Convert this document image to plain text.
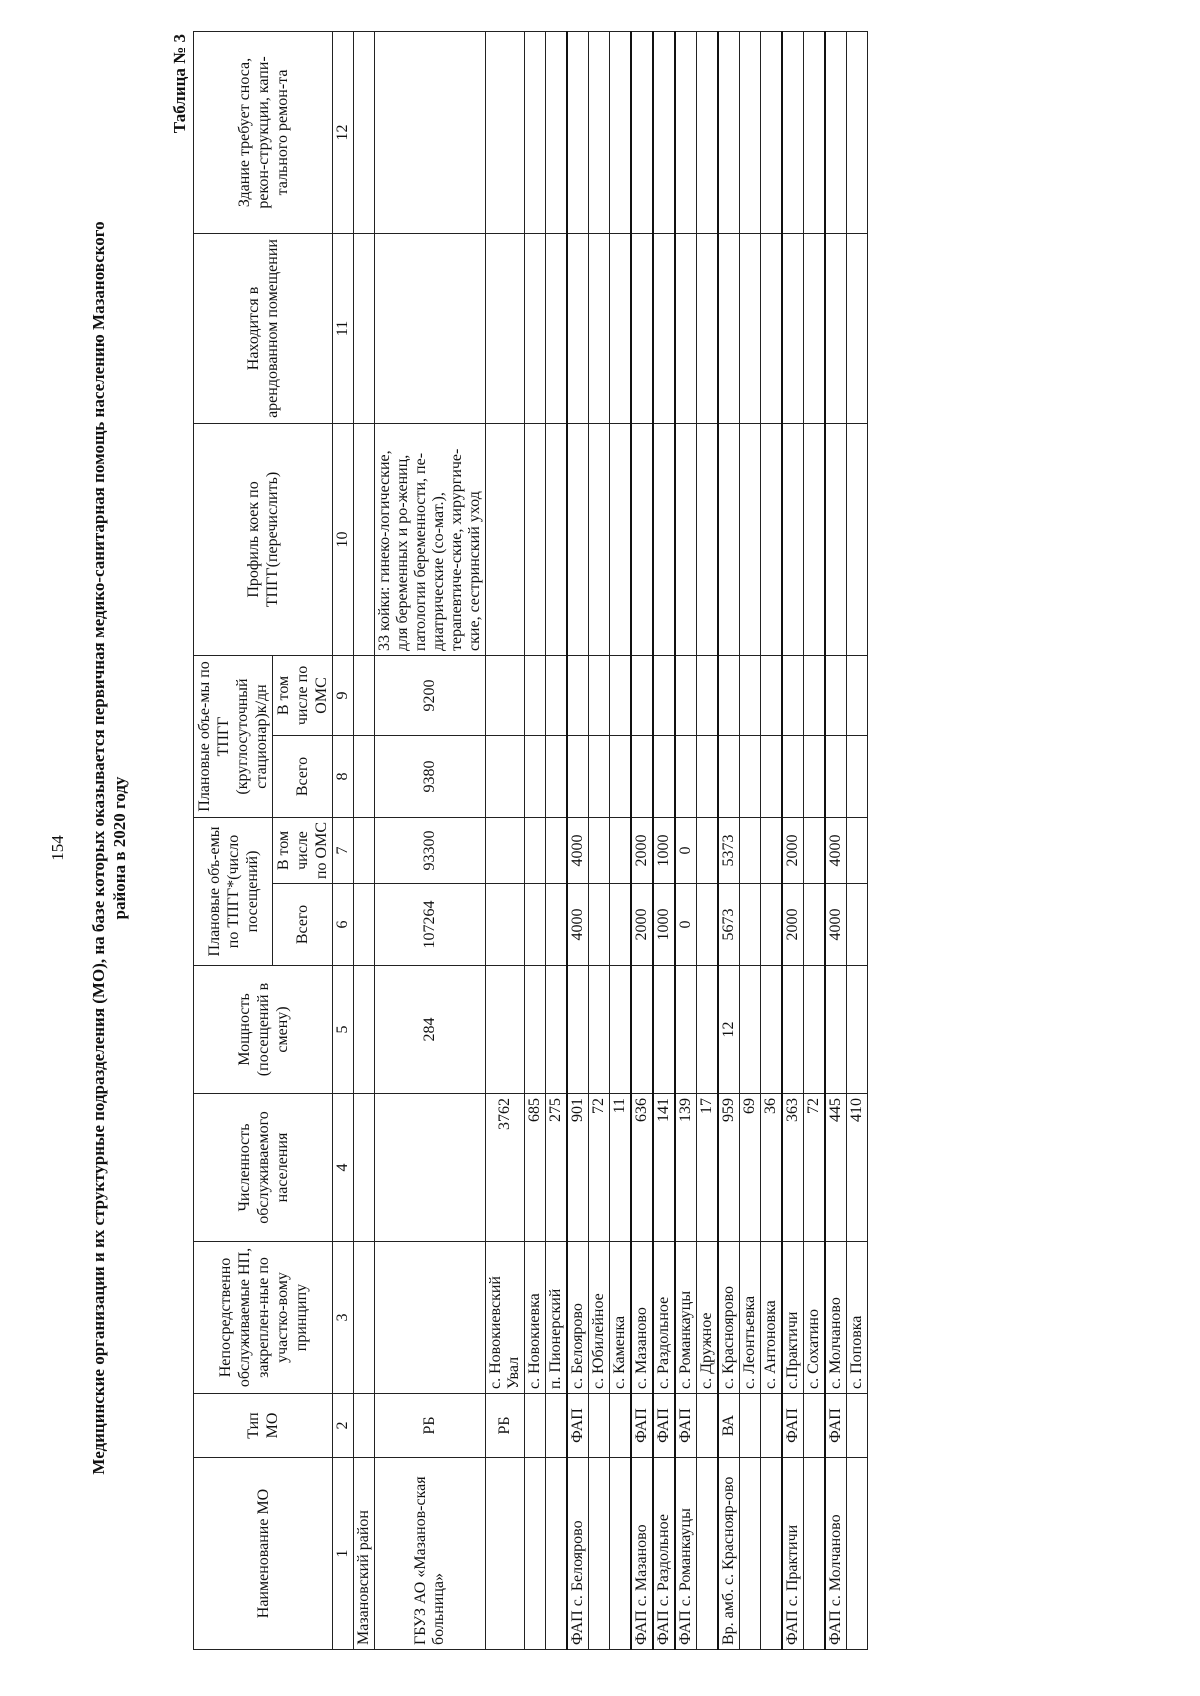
154 Медицинские организации и их структурные подразделения (МО), на базе которых оказывается первичная медико-санитарная помощь населению Мазановского района в 2020 году
Таблица № 3
Наименование МО	Тип МО	Непосредственно обслуживаемые НП, закреплен-ные по участко-вому принципу	Численность обслуживаемого населения	Мощность (посещений в смену)	Плановые объ-емы по ТПГГ*(число посещений)		Плановые объе-мы по ТПГГ (круглосуточный стационар)к/дн		Профиль коек по ТПГГ(перечислить)	Находится в арендованном помещении	Здание требует сноса, рекон-струкции, капи-тального ремон-та
					Всего	В том числе по ОМС	Всего	В том числе по ОМС			
1	2	3	4	5	6	7	8	9	10	11	12
Мазановский район											
ГБУЗ АО «Мазанов-ская больница»	РБ			284	107264	93300	9380	9200	33 койки: гинеко-логические, для беременных и ро-жениц, патологии беременности, пе-диатрические (со-мат.), терапевтиче-ские, хирургиче-ские, сестринский уход		
	РБ	с. Новокиевский Увал	3762								
		с. Новокиевка	685								
		п. Пионерский	275								
ФАП с. Белоярово	ФАП	с. Белоярово	901		4000	4000					
		с. Юбилейное	72								
		с. Каменка	11								
ФАП с. Мазаново	ФАП	с. Мазаново	636		2000	2000					
ФАП с. Раздольное	ФАП	с. Раздольное	141		1000	1000					
ФАП с. Романкауцы	ФАП	с. Романкауцы	139		0	0					
		с. Дружное	17								
Вр. амб. с. Краснояр-ово	ВА	с. Красноярово	959	12	5673	5373					
		с. Леонтьевка	69								
		с. Антоновка	36								
ФАП с. Практичи	ФАП	с.Практичи	363		2000	2000					
		с. Сохатино	72								
ФАП с. Молчаново	ФАП	с. Молчаново	445		4000	4000					
		с. Поповка	410								
